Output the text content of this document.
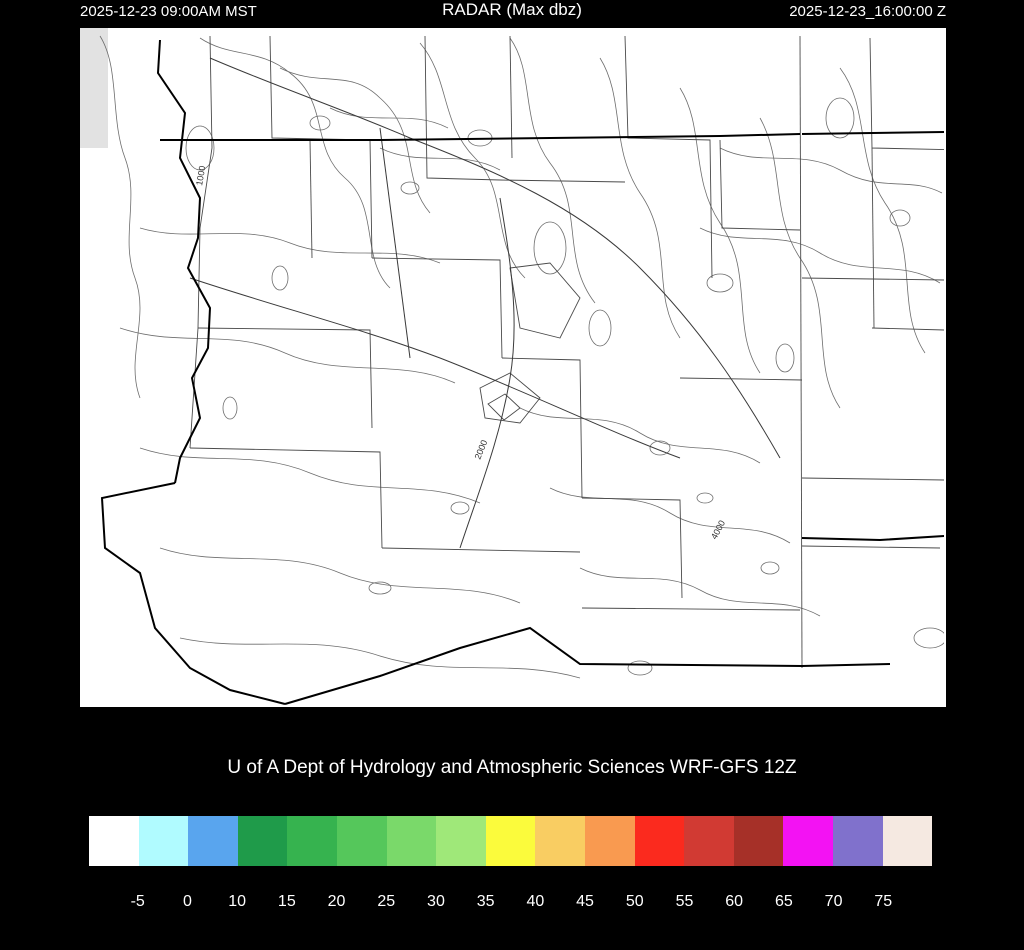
2025-12-23 09:00AM MST	RADAR (Max dbz)	2025-12-23_16:00:00 Z
1000
2000
4000
U of A Dept of Hydrology and Atmospheric Sciences WRF-GFS 12Z
-5 0 10 15 20 25 30 35 40 45 50 55 60 65 70 75
